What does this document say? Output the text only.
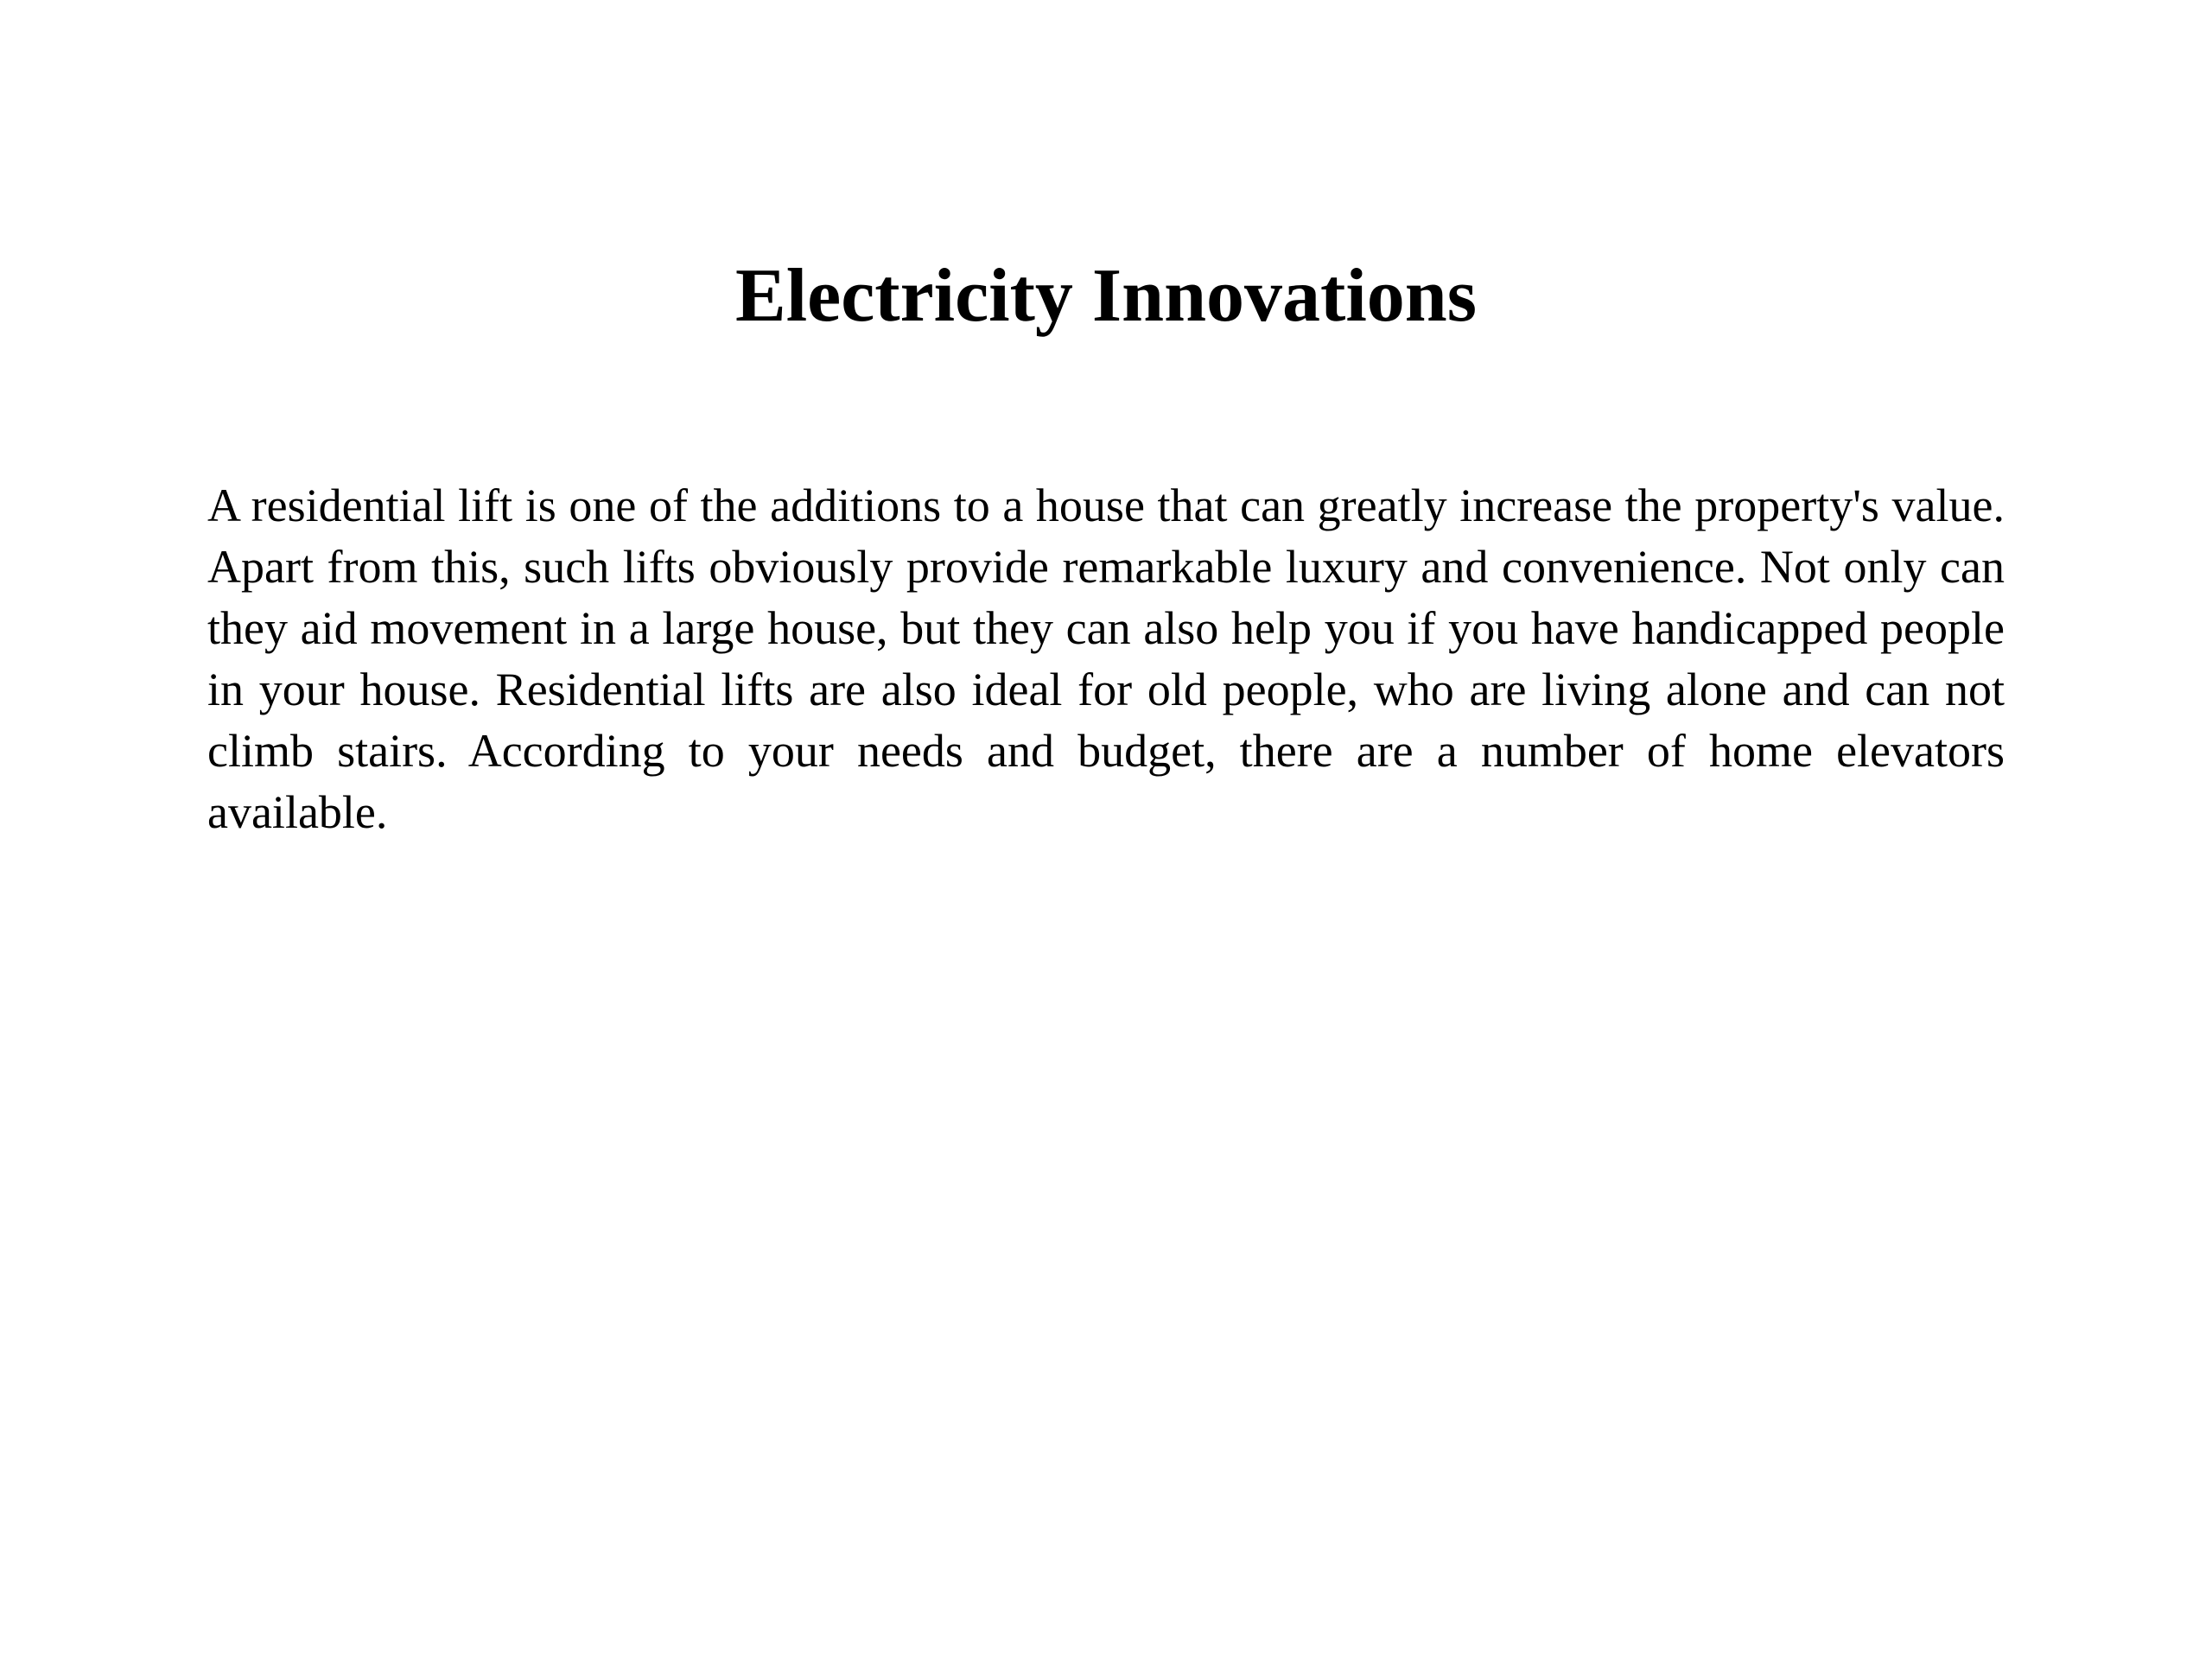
Electricity Innovations

A residential lift is one of the additions to a house that can greatly increase the property's value. Apart from this, such lifts obviously provide remarkable luxury and convenience. Not only can they aid movement in a large house, but they can also help you if you have handicapped people in your house. Residential lifts are also ideal for old people, who are living alone and can not climb stairs. According to your needs and budget, there are a number of home elevators available.
